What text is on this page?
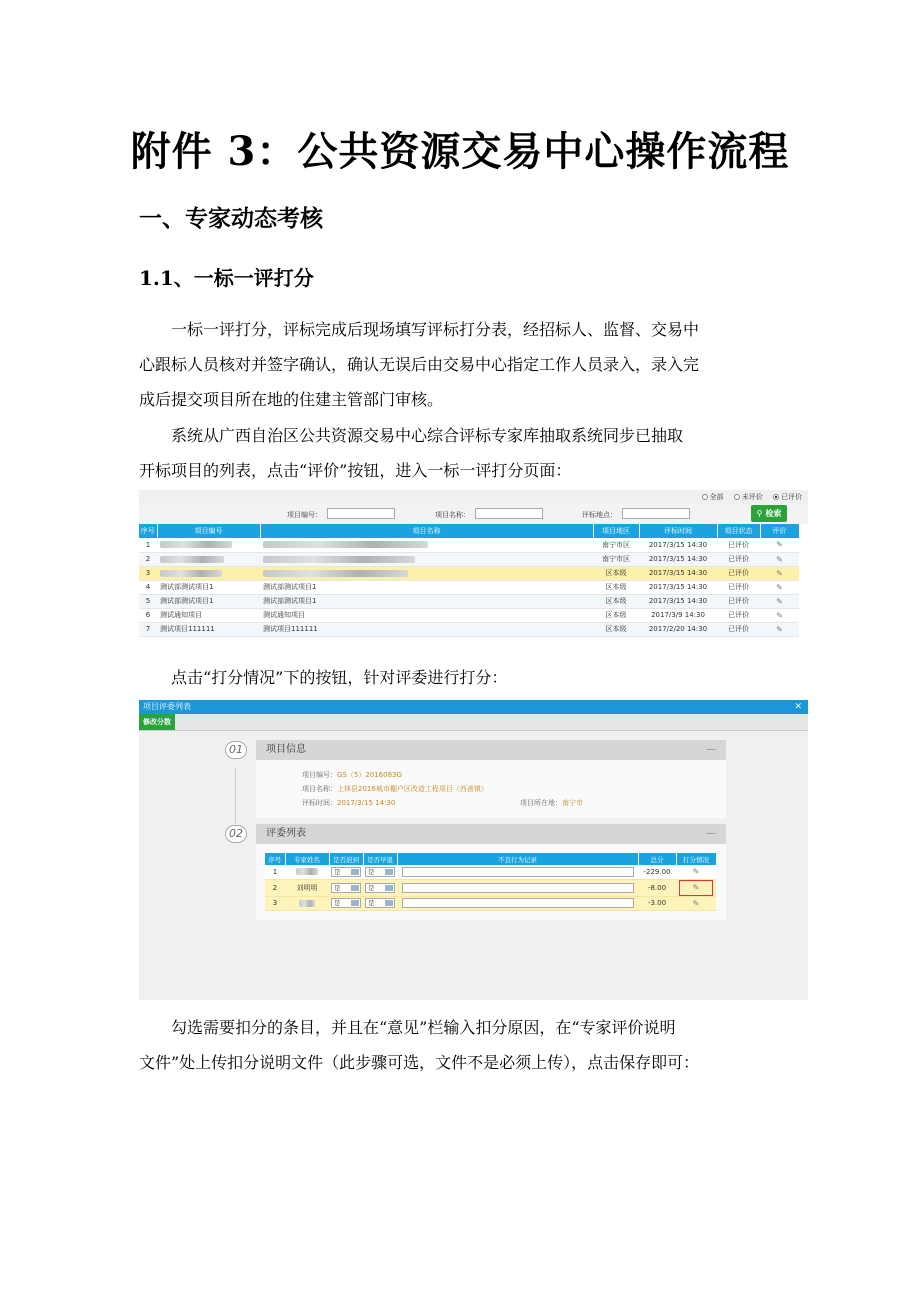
附件 3：公共资源交易中心操作流程
一、专家动态考核
1.1、一标一评打分
一标一评打分，评标完成后现场填写评标打分表，经招标人、监督、交易中
心跟标人员核对并签字确认，确认无误后由交易中心指定工作人员录入，录入完
成后提交项目所在地的住建主管部门审核。
系统从广西自治区公共资源交易中心综合评标专家库抽取系统同步已抽取
开标项目的列表，点击“评价”按钮，进入一标一评打分页面：
全部	未评价	已评价
项目编号：	项目名称：	评标地点：	⚲ 检索
序号	项目编号	项目名称	项目地区	评标时间	项目状态	评价
1			南宁市区	2017/3/15 14:30	已评价	✎
2			南宁市区	2017/3/15 14:30	已评价	✎
3			区本级	2017/3/15 14:30	已评价	✎
4	测试部测试项目1	测试部测试项目1	区本级	2017/3/15 14:30	已评价	✎
5	测试部测试项目1	测试部测试项目1	区本级	2017/3/15 14:30	已评价	✎
6	测试通知项目	测试通知项目	区本级	2017/3/9 14:30	已评价	✎
7	测试项目111111	测试项目111111	区本级	2017/2/20 14:30	已评价	✎
点击“打分情况”下的按钮，针对评委进行打分：
项目评委列表	✕
修改分数
01	项目信息	—
项目编号：GS（5）2016083G
项目名称：上林县2016城市棚户区改造工程项目（西善镇）
评标时间：2017/3/15 14:30	项目所在地：南宁市
02	评委列表	—
序号	专家姓名	是否迟到	是否早退	不良行为记录	总分	打分情况
1		是	是		-229.00	✎
2	刘明明	是	是		-8.00	✎
3		是	是		-3.00	✎
勾选需要扣分的条目，并且在“意见”栏输入扣分原因，在“专家评价说明
文件”处上传扣分说明文件（此步骤可选，文件不是必须上传），点击保存即可：
